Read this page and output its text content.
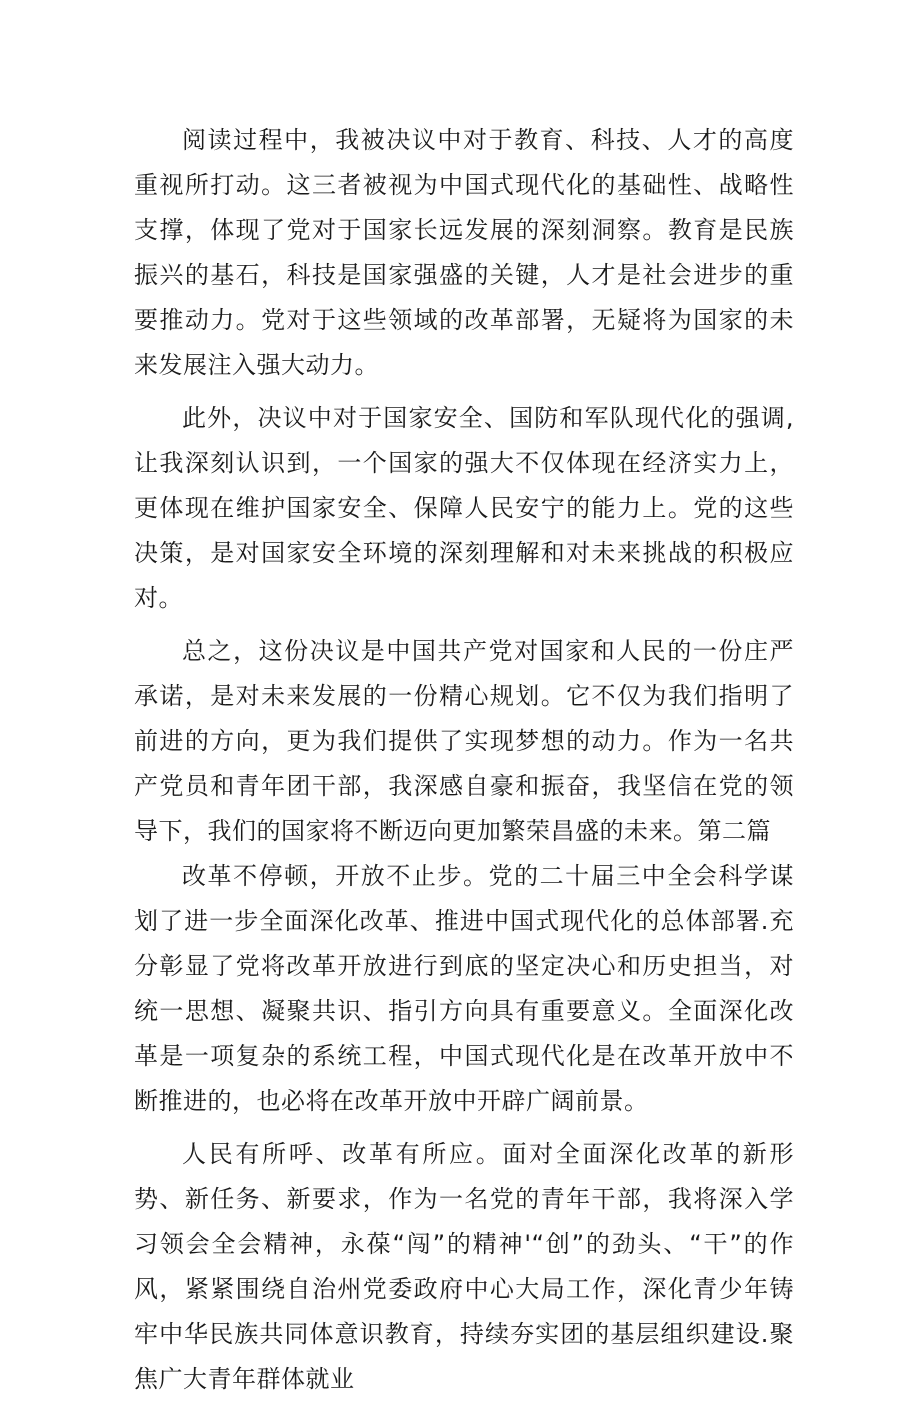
阅读过程中，我被决议中对于教育、科技、人才的高度重视所打动。这三者被视为中国式现代化的基础性、战略性支撑，体现了党对于国家长远发展的深刻洞察。教育是民族振兴的基石，科技是国家强盛的关键，人才是社会进步的重要推动力。党对于这些领域的改革部署，无疑将为国家的未来发展注入强大动力。

此外，决议中对于国家安全、国防和军队现代化的强调,让我深刻认识到，一个国家的强大不仅体现在经济实力上，更体现在维护国家安全、保障人民安宁的能力上。党的这些决策，是对国家安全环境的深刻理解和对未来挑战的积极应对。

总之，这份决议是中国共产党对国家和人民的一份庄严承诺，是对未来发展的一份精心规划。它不仅为我们指明了前进的方向，更为我们提供了实现梦想的动力。作为一名共产党员和青年团干部，我深感自豪和振奋，我坚信在党的领导下，我们的国家将不断迈向更加繁荣昌盛的未来。第二篇

改革不停顿，开放不止步。党的二十届三中全会科学谋划了进一步全面深化改革、推进中国式现代化的总体部署.充分彰显了党将改革开放进行到底的坚定决心和历史担当，对统一思想、凝聚共识、指引方向具有重要意义。全面深化改革是一项复杂的系统工程，中国式现代化是在改革开放中不断推进的，也必将在改革开放中开辟广阔前景。

人民有所呼、改革有所应。面对全面深化改革的新形势、新任务、新要求，作为一名党的青年干部，我将深入学习领会全会精神，永葆“闯”的精神'“创”的劲头、“干”的作风，紧紧围绕自治州党委政府中心大局工作，深化青少年铸牢中华民族共同体意识教育，持续夯实团的基层组织建设.聚焦广大青年群体就业
